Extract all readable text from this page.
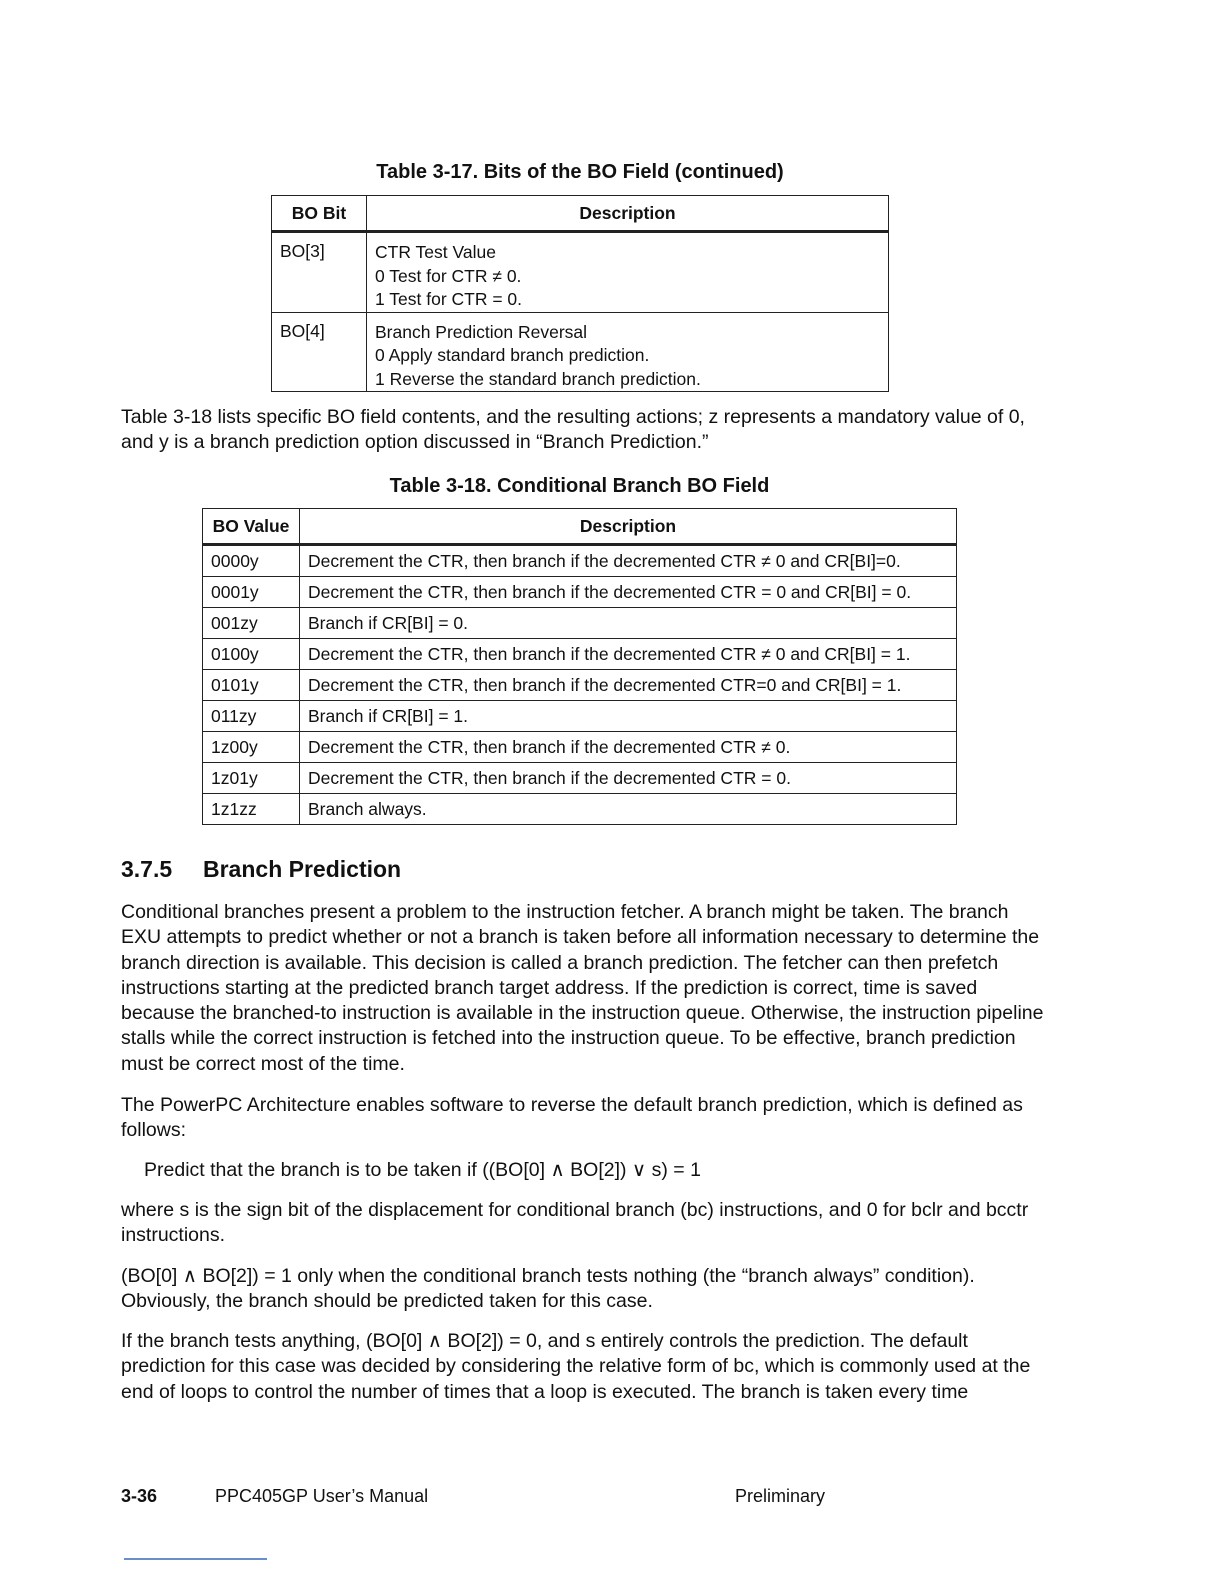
Table 3-17. Bits of the BO Field (continued)
BO Bit	Description
BO[3]	CTR Test Value
0 Test for CTR ≠ 0.
1 Test for CTR = 0.

BO[4]	Branch Prediction Reversal
0 Apply standard branch prediction.
1 Reverse the standard branch prediction.
Table 3-18 lists specific BO field contents, and the resulting actions; z represents a mandatory value of 0, and y is a branch prediction option discussed in “Branch Prediction.”
Table 3-18. Conditional Branch BO Field
BO Value	Description
0000y	Decrement the CTR, then branch if the decremented CTR ≠ 0 and CR[BI]=0.
0001y	Decrement the CTR, then branch if the decremented CTR = 0 and CR[BI] = 0.
001zy	Branch if CR[BI] = 0.
0100y	Decrement the CTR, then branch if the decremented CTR ≠ 0 and CR[BI] = 1.
0101y	Decrement the CTR, then branch if the decremented CTR=0 and CR[BI] = 1.
011zy	Branch if CR[BI] = 1.
1z00y	Decrement the CTR, then branch if the decremented CTR ≠ 0.
1z01y	Decrement the CTR, then branch if the decremented CTR = 0.
1z1zz	Branch always.
3.7.5 Branch Prediction
Conditional branches present a problem to the instruction fetcher. A branch might be taken. The branch EXU attempts to predict whether or not a branch is taken before all information necessary to determine the branch direction is available. This decision is called a branch prediction. The fetcher can then prefetch instructions starting at the predicted branch target address. If the prediction is correct, time is saved because the branched-to instruction is available in the instruction queue. Otherwise, the instruction pipeline stalls while the correct instruction is fetched into the instruction queue. To be effective, branch prediction must be correct most of the time.
The PowerPC Architecture enables software to reverse the default branch prediction, which is defined as follows:
Predict that the branch is to be taken if ((BO[0] ∧ BO[2]) ∨ s) = 1
where s is the sign bit of the displacement for conditional branch (bc) instructions, and 0 for bclr and bcctr instructions.
(BO[0] ∧ BO[2]) = 1 only when the conditional branch tests nothing (the “branch always” condition). Obviously, the branch should be predicted taken for this case.
If the branch tests anything, (BO[0] ∧ BO[2]) = 0, and s entirely controls the prediction. The default prediction for this case was decided by considering the relative form of bc, which is commonly used at the end of loops to control the number of times that a loop is executed. The branch is taken every time
3-36	PPC405GP User’s Manual	Preliminary
